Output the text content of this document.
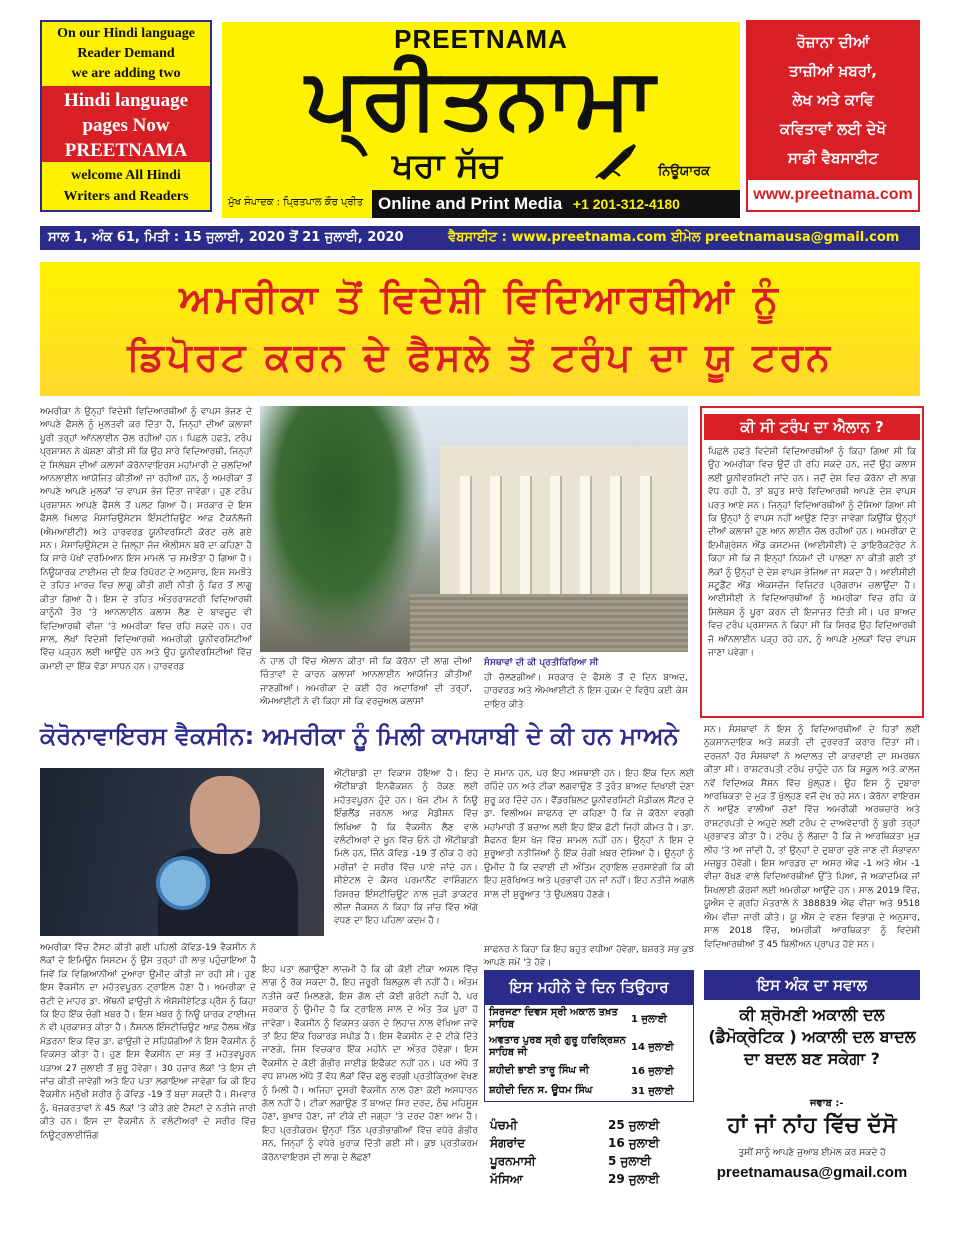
On our Hindi language
Reader Demand
we are adding two
Hindi language
pages Now
PREETNAMA
welcome All Hindi
Writers and Readers
PREETNAMA
ਪ੍ਰੀਤਨਾਮਾ
ਖਰਾ ਸੱਚ	ਨਿਊਯਾਰਕ
ਮੁੱਖ ਸੰਪਾਦਕ : ਪ੍ਰਿਤਪਾਲ ਕੌਰ ਪ੍ਰੀਤ Online and Print Media +1 201-312-4180
ਰੋਜ਼ਾਨਾ ਦੀਆਂ
ਤਾਜ਼ੀਆਂ ਖ਼ਬਰਾਂ,
ਲੇਖ ਅਤੇ ਕਾਵਿ
ਕਵਿਤਾਵਾਂ ਲਈ ਦੇਖੋ
ਸਾਡੀ ਵੈਬਸਾਈਟ
www.preetnama.com
ਸਾਲ 1, ਅੰਕ 61, ਮਿਤੀ : 15 ਜੁਲਾਈ, 2020 ਤੋਂ 21 ਜੁਲਾਈ, 2020	ਵੈਬਸਾਈਟ : www.preetnama.com ਈਮੇਲ preetnamausa@gmail.com
ਅਮਰੀਕਾ ਤੋਂ ਵਿਦੇਸ਼ੀ ਵਿਦਿਆਰਥੀਆਂ ਨੂੰ
ਡਿਪੋਰਟ ਕਰਨ ਦੇ ਫੈਸਲੇ ਤੋਂ ਟਰੰਪ ਦਾ ਯੂ ਟਰਨ
ਅਮਰੀਕਾ ਨੇ ਉਨ੍ਹਾਂ ਵਿਦੇਸ਼ੀ ਵਿਦਿਆਰਥੀਆਂ ਨੂੰ ਵਾਪਸ ਭੇਜਣ ਦੇ ਆਪਣੇ ਫੈਸਲੇ ਨੂੰ ਮੁਲਤਵੀ ਕਰ ਦਿੱਤਾ ਹੈ, ਜਿਨ੍ਹਾਂ ਦੀਆਂ ਕਲਾਸਾਂ ਪੂਰੀ ਤਰ੍ਹਾਂ ਆੱਨਲਾਈਨ ਚੱਲ ਰਹੀਆਂ ਹਨ। ਪਿਛਲੇ ਹਫਤੇ, ਟਰੰਪ ਪ੍ਰਸ਼ਾਸਨ ਨੇ ਘੋਸ਼ਣਾ ਕੀਤੀ ਸੀ ਕਿ ਉਹ ਸਾਰੇ ਵਿਦਿਆਰਥੀ, ਜਿਨ੍ਹਾਂ ਦੇ ਸਿਲੇਬਸ ਦੀਆਂ ਕਲਾਸਾਂ ਕੋਰੋਨਾਵਾਇਰਸ ਮਹਾਂਮਾਰੀ ਦੇ ਚਲਦਿਆਂ ਆਨਲਾਈਨ ਆਯੋਜਿਤ ਕੀਤੀਆਂ ਜਾ ਰਹੀਆਂ ਹਨ, ਨੂੰ ਅਮਰੀਕਾ ਤੋਂ ਆਪਣੇ ਆਪਣੇ ਮੁਲਕਾਂ 'ਚ ਵਾਪਸ ਭੇਜ ਦਿੱਤਾ ਜਾਵੇਗਾ। ਹੁਣ ਟਰੰਪ ਪ੍ਰਸ਼ਾਸਨ ਆਪਣੇ ਫੈਸਲੇ ਤੋਂ ਪਲਟ ਗਿਆ ਹੈ। ਸਰਕਾਰ ਦੇ ਇਸ ਫੈਸਲੇ ਖ਼ਿਲਾਫ਼ ਮੈਸਾਚਿਉਸੇਟਸ ਇੰਸਟੀਚਿਊਟ ਆਫ਼ ਟੈਕਨੋਲੋਜੀ (ਐਮਆਈਟੀ) ਅਤੇ ਹਾਰਵਰਡ ਯੂਨੀਵਰਸਿਟੀ ਕੋਰਟ ਚਲੇ ਗਏ ਸਨ। ਮੈਸਾਚਿਉਸੇਟਸ ਦੇ ਜ਼ਿਲ੍ਹਾ ਜੱਜ ਐਲੀਸਨ ਬਰੋ ਦਾ ਕਹਿਣਾ ਹੈ ਕਿ ਸਾਰੇ ਪੱਖਾਂ ਦਰਮਿਆਨ ਇਸ ਮਾਮਲੇ 'ਚ ਸਮਝੌਤਾ ਹੋ ਗਿਆ ਹੈ। ਨਿਊਯਾਰਕ ਟਾਈਮਜ਼ ਦੀ ਇਕ ਰਿਪੋਰਟ ਦੇ ਅਨੁਸਾਰ, ਇਸ ਸਮਝੌਤੇ ਦੇ ਤਹਿਤ ਮਾਰਚ ਵਿਚ ਲਾਗੂ ਕੀਤੀ ਗਈ ਨੀਤੀ ਨੂੰ ਫਿਰ ਤੋਂ ਲਾਗੂ ਕੀਤਾ ਗਿਆ ਹੈ। ਇਸ ਦੇ ਤਹਿਤ ਅੰਤਰਰਾਸ਼ਟਰੀ ਵਿਦਿਆਰਥੀ ਕਾਨੂੰਨੀ ਤੌਰ 'ਤੇ ਆਨਲਾਈਨ ਕਲਾਸ ਲੈਣ ਦੇ ਬਾਵਜੂਦ ਵੀ ਵਿਦਿਆਰਥੀ ਵੀਜ਼ਾ 'ਤੇ ਅਮਰੀਕਾ ਵਿਚ ਰਹਿ ਸਕਦੇ ਹਨ। ਹਰ ਸਾਲ, ਲੱਖਾਂ ਵਿਦੇਸ਼ੀ ਵਿਦਿਆਰਥੀ ਅਮਰੀਕੀ ਯੂਨੀਵਰਸਿਟੀਆਂ ਵਿੱਚ ਪੜ੍ਹਨ ਲਈ ਆਉਂਦੇ ਹਨ ਅਤੇ ਉਹ ਯੂਨੀਵਰਸਿਟੀਆਂ ਵਿੱਚ ਕਮਾਈ ਦਾ ਇੱਕ ਵੱਡਾ ਸਾਧਨ ਹਨ। ਹਾਰਵਰਡ	ਨੇ ਹਾਲ ਹੀ ਵਿੱਚ ਐਲਾਨ ਕੀਤਾ ਸੀ ਕਿ ਕੋਰੋਨਾ ਦੀ ਲਾਗ ਦੀਆਂ ਚਿੰਤਾਵਾਂ ਦੇ ਕਾਰਨ ਕਲਾਸਾਂ ਆਨਲਾਈਨ ਆਯੋਜਿਤ ਕੀਤੀਆਂ ਜਾਣਗੀਆਂ। ਅਮਰੀਕਾ ਦੇ ਕਈ ਹੋਰ ਅਦਾਰਿਆਂ ਦੀ ਤਰ੍ਹਾਂ, ਐਮਆਈਟੀ ਨੇ ਵੀ ਕਿਹਾ ਸੀ ਕਿ ਵਰਚੁਅਲ ਕਲਾਸਾਂ
ਸੰਸਥਾਵਾਂ ਦੀ ਕੀ ਪ੍ਰਤੀਕਿਰਿਆ ਸੀ
ਹੀ ਚੱਲਣਗੀਆਂ। ਸਰਕਾਰ ਦੇ ਫੈਸਲੇ ਤੋਂ ਦੋ ਦਿਨ ਬਾਅਦ, ਹਾਰਵਰਡ ਅਤੇ ਐਮਆਈਟੀ ਨੇ ਇਸ ਹੁਕਮ ਦੇ ਵਿਰੁੱਧ ਕਈ ਕੇਸ ਦਾਇਰ ਕੀਤੇ
ਕੀ ਸੀ ਟਰੰਪ ਦਾ ਐਲਾਨ ?
ਪਿਛਲੇ ਹਫਤੇ ਵਿਦੇਸ਼ੀ ਵਿਦਿਆਰਥੀਆਂ ਨੂੰ ਕਿਹਾ ਗਿਆ ਸੀ ਕਿ ਉਹ ਅਮਰੀਕਾ ਵਿਚ ਉਦੋਂ ਹੀ ਰਹਿ ਸਕਦੇ ਹਨ, ਜਦੋਂ ਉਹ ਕਲਾਸ ਲਈ ਯੂਨੀਵਰਸਿਟੀ ਜਾਂਦੇ ਹਨ। ਜਦੋਂ ਦੇਸ਼ ਵਿਚ ਕੋਰੋਨਾ ਦੀ ਲਾਗ ਵੱਧ ਰਹੀ ਹੈ, ਤਾਂ ਬਹੁਤ ਸਾਰੇ ਵਿਦਿਆਰਥੀ ਆਪਣੇ ਦੇਸ਼ ਵਾਪਸ ਪਰਤ ਆਏ ਸਨ। ਜਿਨ੍ਹਾਂ ਵਿਦਿਆਰਥੀਆਂ ਨੂੰ ਦੱਸਿਆ ਗਿਆ ਸੀ ਕਿ ਉਨ੍ਹਾਂ ਨੂੰ ਵਾਪਸ ਨਹੀਂ ਆਉਣ ਦਿੱਤਾ ਜਾਵੇਗਾ ਕਿਉਂਕਿ ਉਨ੍ਹਾਂ ਦੀਆਂ ਕਲਾਸਾਂ ਹੁਣ ਆਨ ਲਾਈਨ ਚੱਲ ਰਹੀਆਂ ਹਨ। ਅਮਰੀਕਾ ਦੇ ਇਮੀਗ੍ਰੇਸ਼ਨ ਐਂਡ ਕਸਟਮਜ਼ (ਆਈਸੀਈ) ਦੇ ਡਾਇਰੈਕਟੋਰੇਟ ਨੇ ਕਿਹਾ ਸੀ ਕਿ ਜੋ ਇਨ੍ਹਾਂ ਨਿਯਮਾਂ ਦੀ ਪਾਲਣਾ ਨਾ ਕੀਤੀ ਗਈ ਤਾਂ ਲੋਕਾਂ ਨੂੰ ਉਨ੍ਹਾਂ ਦੇ ਦੇਸ਼ ਵਾਪਸ ਭੇਜਿਆ ਜਾ ਸਕਦਾ ਹੈ। ਆਈਸੀਈ ਸਟੂਡੈਂਟ ਐਂਡ ਐਕਸਚੇਂਜ ਵਿਜ਼ਿਟਰ ਪ੍ਰੋਗਰਾਮ ਚਲਾਉਂਦਾ ਹੈ। ਆਈਸੀਈ ਨੇ ਵਿਦਿਆਰਥੀਆਂ ਨੂੰ ਅਮਰੀਕਾ ਵਿਚ ਰਹਿ ਕੇ ਸਿਲੇਬਸ ਨੂੰ ਪੂਰਾ ਕਰਨ ਦੀ ਇਜਾਜ਼ਤ ਦਿੱਤੀ ਸੀ। ਪਰ ਬਾਅਦ ਵਿਚ ਟਰੰਪ ਪ੍ਰਸ਼ਾਸਨ ਨੇ ਕਿਹਾ ਸੀ ਕਿ ਸਿਰਫ ਉਹ ਵਿਦਿਆਰਥੀ ਜੋ ਆੱਨਲਾਈਨ ਪੜ੍ਹ ਰਹੇ ਹਨ, ਨੂੰ ਆਪਣੇ ਮੁਲਕਾਂ ਵਿਚ ਵਾਪਸ ਜਾਣਾ ਪਵੇਗਾ।
ਸਨ। ਸੰਸਥਾਵਾਂ ਨੇ ਇਸ ਨੂੰ ਵਿਦਿਆਰਥੀਆਂ ਦੇ ਹਿਤਾਂ ਲਈ ਨੁਕਸਾਨਦਾਇਕ ਅਤੇ ਸ਼ਕਤੀ ਦੀ ਦੁਰਵਰਤੋਂ ਕਰਾਰ ਦਿੱਤਾ ਸੀ। ਦਰਜਨਾਂ ਹੋਰ ਸੰਸਥਾਵਾਂ ਨੇ ਅਦਾਲਤ ਦੀ ਕਾਰਵਾਈ ਦਾ ਸਮਰਥਨ ਕੀਤਾ ਸੀ। ਰਾਸ਼ਟਰਪਤੀ ਟਰੰਪ ਚਾਹੁੰਦੇ ਹਨ ਕਿ ਸਕੂਲ ਅਤੇ ਕਾਲਜ ਨਵੇਂ ਵਿਦਿਅਕ ਸੈਸ਼ਨ ਵਿੱਚ ਖੁੱਲ੍ਹਣ। ਉਹ ਇਸ ਨੂੰ ਦੁਬਾਰਾ ਆਰਥਿਕਤਾ ਦੇ ਮੁੜ ਤੋਂ ਖੁੱਲ੍ਹਣ ਵਜੋਂ ਦੇਖ ਰਹੇ ਸਨ। ਕੋਰੋਨਾ ਵਾਇਰਸ ਨੇ ਆਉਣ ਵਾਲੀਆਂ ਚੋਣਾਂ ਵਿੱਚ ਅਮਰੀਕੀ ਅਰਥਚਾਰੇ ਅਤੇ ਰਾਸ਼ਟਰਪਤੀ ਦੇ ਅਹੁਦੇ ਲਈ ਟਰੰਪ ਦੇ ਦਾਅਵੇਦਾਰੀ ਨੂੰ ਬੁਰੀ ਤਰ੍ਹਾਂ ਪ੍ਰਭਾਵਤ ਕੀਤਾ ਹੈ। ਟਰੰਪ ਨੂੰ ਲੱਗਦਾ ਹੈ ਕਿ ਜੇ ਆਰਥਿਕਤਾ ਮੁੜ ਲੀਹ 'ਤੇ ਆ ਜਾਂਦੀ ਹੈ, ਤਾਂ ਉਨ੍ਹਾਂ ਦੇ ਦੁਬਾਰਾ ਚੁਣੇ ਜਾਣ ਦੀ ਸੰਭਾਵਨਾ ਮਜ਼ਬੂਤ ਹੋਵੇਗੀ। ਇਸ ਆਰਡਰ ਦਾ ਅਸਰ ਐਫ -1 ਅਤੇ ਐਮ -1 ਵੀਜ਼ਾ ਰੱਖਣ ਵਾਲੇ ਵਿਦਿਆਰਥੀਆਂ ਉੱਤੇ ਪਿਆ, ਜੋ ਅਕਾਦਮਿਕ ਜਾਂ ਸਿਖਲਾਈ ਕੋਰਸਾਂ ਲਈ ਅਮਰੀਕਾ ਆਉਂਦੇ ਹਨ। ਸਾਲ 2019 ਵਿੱਚ, ਯੂਐਸ ਦੇ ਗ੍ਰਹਿ ਮੰਤਰਾਲੇ ਨੇ 388839 ਐਫ ਵੀਜ਼ਾ ਅਤੇ 9518 ਐਮ ਵੀਜ਼ਾ ਜਾਰੀ ਕੀਤੇ। ਯੂ ਐੱਸ ਦੇ ਵਣਜ ਵਿਭਾਗ ਦੇ ਅਨੁਸਾਰ, ਸਾਲ 2018 ਵਿੱਚ, ਅਮਰੀਕੀ ਆਰਥਿਕਤਾ ਨੂੰ ਵਿਦੇਸ਼ੀ ਵਿਦਿਆਰਥੀਆਂ ਤੋਂ 45 ਬਿਲੀਅਨ ਪ੍ਰਾਪਤ ਹੋਏ ਸਨ।
ਕੋਰੋਨਾਵਾਇਰਸ ਵੈਕਸੀਨ: ਅਮਰੀਕਾ ਨੂੰ ਮਿਲੀ ਕਾਮਯਾਬੀ ਦੇ ਕੀ ਹਨ ਮਾਅਨੇ
ਐਂਟੀਬਾਡੀ ਦਾ ਵਿਕਾਸ ਹੋਇਆ ਹੈ। ਇਹ ਐਂਟੀਬਾਡੀ ਇਨਫੈਕਸ਼ਨ ਨੂੰ ਰੋਕਣ ਲਈ ਮਹੱਤਵਪੂਰਨ ਹੁੰਦੇ ਹਨ। ਖੋਜ ਟੀਮ ਨੇ ਨਿਊ ਇੰਗਲੈਂਡ ਜਰਨਲ ਆਫ਼ ਮੈਡੀਸਨ ਵਿੱਚ ਲਿਖਿਆ ਹੈ ਕਿ ਵੈਕਸੀਨ ਲੈਣ ਵਾਲੇ ਵਲੰਟੀਅਰਾਂ ਦੇ ਖੂਨ ਵਿੱਚ ਓਨੇ ਹੀ ਐਂਟੀਬਾਡੀ ਮਿਲੇ ਹਨ, ਜਿੰਨੇ ਕੋਵਿਡ -19 ਤੋਂ ਠੀਕ ਹੋ ਰਹੇ ਮਰੀਜ਼ਾਂ ਦੇ ਸਰੀਰ ਵਿੱਚ ਪਾਏ ਜਾਂਦੇ ਹਨ। ਸੀਏਟਲ ਦੇ ਕੈਸਰ ਪਰਮਾਨੈਂਟ ਵਾਸ਼ਿੰਗਟਨ ਰਿਸਰਚ ਇੰਸਟੀਚਿਊਟ ਨਾਲ ਜੁੜੀ ਡਾਕਟਰ ਲੀਜ਼ਾ ਜੈਕਸਨ ਨੇ ਕਿਹਾ ਕਿ ਜਾਂਚ ਵਿੱਚ ਅੱਗੇ ਵਧਣ ਦਾ ਇਹ ਪਹਿਲਾ ਕਦਮ ਹੈ।
ਦੇ ਸਮਾਨ ਹਨ, ਪਰ ਇਹ ਅਸਥਾਈ ਹਨ। ਇਹ ਇੱਕ ਦਿਨ ਲਈ ਰਹਿੰਦੇ ਹਨ ਅਤੇ ਟੀਕਾ ਲਗਵਾਉਣ ਤੋਂ ਤੁਰੰਤ ਬਾਅਦ ਦਿਖਾਈ ਦੇਣਾ ਸ਼ੁਰੂ ਕਰ ਦਿੰਦੇ ਹਨ। ਵੈਂਡਰਬਿਲਟ ਯੂਨੀਵਰਸਿਟੀ ਮੈਡੀਕਲ ਸੈਂਟਰ ਦੇ ਡਾ. ਵਿਲੀਅਮ ਸ਼ਾਫਨਰ ਦਾ ਕਹਿਣਾ ਹੈ ਕਿ ਜੇ ਕੋਰੋਨਾ ਵਰਗੀ ਮਹਾਂਮਾਰੀ ਤੋਂ ਬਚਾਅ ਲਈ ਇਹ ਇੱਕ ਛੋਟੀ ਜਿਹੀ ਕੀਮਤ ਹੈ। ਡਾ. ਸ਼ੈਫਨਰ ਇਸ ਖੋਜ ਵਿੱਚ ਸ਼ਾਮਲ ਨਹੀਂ ਹਨ। ਉਨ੍ਹਾਂ ਨੇ ਇਸ ਦੇ ਸ਼ੁਰੂਆਤੀ ਨਤੀਜਿਆਂ ਨੂੰ ਇੱਕ ਚੰਗੀ ਖ਼ਬਰ ਦੱਸਿਆ ਹੈ। ਉਨ੍ਹਾਂ ਨੂੰ ਉਮੀਦ ਹੈ ਕਿ ਦਵਾਈ ਦੀ ਅੰਤਿਮ ਟ੍ਰਾਇਲ ਦਰਸਾਏਗੀ ਕਿ ਕੀ ਇਹ ਸੁਰੱਖਿਅਤ ਅਤੇ ਪ੍ਰਭਾਵੀ ਹਨ ਜਾਂ ਨਹੀਂ। ਇਹ ਨਤੀਜੇ ਅਗਲੇ ਸਾਲ ਦੀ ਸ਼ੁਰੂਆਤ 'ਤੇ ਉਪਲਬਧ ਹੋਣਗੇ।
ਸ਼ਾਫਨਰ ਨੇ ਕਿਹਾ ਕਿ ਇਹ ਬਹੁਤ ਵਧੀਆ ਹੋਵੇਗਾ, ਬਸ਼ਰਤੇ ਸਭ ਕੁਝ ਆਪਣੇ ਸਮੇਂ 'ਤੇ ਹੋਵੇ।
ਅਮਰੀਕਾ ਵਿੱਚ ਟੈਸਟ ਕੀਤੀ ਗਈ ਪਹਿਲੀ ਕੋਵਿਡ-19 ਵੈਕਸੀਨ ਨੇ ਲੋਕਾਂ ਦੇ ਇਮਿਊਨ ਸਿਸਟਮ ਨੂੰ ਉਸ ਤਰ੍ਹਾਂ ਹੀ ਲਾਭ ਪਹੁੰਚਾਇਆ ਹੈ ਜਿਵੇਂ ਕਿ ਵਿਗਿਆਨੀਆਂ ਦੁਆਰਾ ਉਮੀਦ ਕੀਤੀ ਜਾ ਰਹੀ ਸੀ। ਹੁਣ ਇਸ ਵੈਕਸੀਨ ਦਾ ਮਹੱਤਵਪੂਰਨ ਟ੍ਰਾਇਲ ਹੋਣਾ ਹੈ। ਅਮਰੀਕਾ ਦੇ ਚੋਟੀ ਦੇ ਮਾਹਰ ਡਾ. ਐਂਥਨੀ ਫਾਉਚੀ ਨੇ ਐਸੋਸੀਏਟਿਡ ਪ੍ਰੈਸ ਨੂੰ ਕਿਹਾ ਕਿ ਇਹ ਇੱਕ ਚੰਗੀ ਖ਼ਬਰ ਹੈ। ਇਸ ਖ਼ਬਰ ਨੂੰ ਨਿਊ ਯਾਰਕ ਟਾਈਮਜ਼ ਨੇ ਵੀ ਪ੍ਰਕਾਸ਼ਤ ਕੀਤਾ ਹੈ। ਨੈਸ਼ਨਲ ਇੰਸਟੀਚਿਊਟ ਆਫ਼ ਹੈਲਥ ਐਂਡ ਮੋਡਰਨਾ ਇਕ ਵਿੱਚ ਡਾ. ਫਾਉਚੀ ਦੇ ਸਹਿਯੋਗੀਆਂ ਨੇ ਇਸ ਵੈਕਸੀਨ ਨੂੰ ਵਿਕਸਤ ਕੀਤਾ ਹੈ। ਹੁਣ ਇਸ ਵੈਕਸੀਨ ਦਾ ਸਭ ਤੋਂ ਮਹੱਤਵਪੂਰਨ ਪੜਾਅ 27 ਜੁਲਾਈ ਤੋਂ ਸ਼ੁਰੂ ਹੋਵੇਗਾ। 30 ਹਜ਼ਾਰ ਲੋਕਾਂ 'ਤੇ ਇਸ ਦੀ ਜਾਂਚ ਕੀਤੀ ਜਾਵੇਗੀ ਅਤੇ ਇਹ ਪਤਾ ਲਗਾਇਆ ਜਾਵੇਗਾ ਕਿ ਕੀ ਇਹ ਵੈਕਸੀਨ ਮਨੁੱਖੀ ਸਰੀਰ ਨੂੰ ਕੋਵਿਡ -19 ਤੋਂ ਬਚਾ ਸਕਦੀ ਹੈ। ਸੋਮਵਾਰ ਨੂੰ, ਖੋਜਕਰਤਾਵਾਂ ਨੇ 45 ਲੋਕਾਂ 'ਤੇ ਕੀਤੇ ਗਏ ਟੈਸਟਾਂ ਦੇ ਨਤੀਜੇ ਜਾਰੀ ਕੀਤੇ ਹਨ। ਇਸ ਦਾ ਵੈਕਸੀਨ ਨੇ ਵਲੰਟੀਅਰਾਂ ਦੇ ਸਰੀਰ ਵਿੱਚ ਨਿਊਟ੍ਰਲਾਈਜ਼ਿੰਗ
ਇਹ ਪਤਾ ਲਗਾਉਣਾ ਲਾਜ਼ਮੀ ਹੈ ਕਿ ਕੀ ਕੋਈ ਟੀਕਾ ਅਸਲ ਵਿੱਚ ਲਾਗ ਨੂੰ ਰੋਕ ਸਕਦਾ ਹੈ, ਇਹ ਜ਼ਰੂਰੀ ਬਿਲਕੁਲ ਵੀ ਨਹੀਂ ਹੈ। ਅੰਤਮ ਨਤੀਜੇ ਕਦੋਂ ਮਿਲਣਗੇ, ਇਸ ਗੱਲ ਦੀ ਕੋਈ ਗਰੰਟੀ ਨਹੀਂ ਹੈ, ਪਰ ਸਰਕਾਰ ਨੂੰ ਉਮੀਦ ਹੈ ਕਿ ਟ੍ਰਾਇਲ ਸਾਲ ਦੇ ਅੰਤ ਤੱਕ ਪੂਰਾ ਹੋ ਜਾਵੇਗਾ। ਵੈਕਸੀਨ ਨੂੰ ਵਿਕਸਤ ਕਰਨ ਦੇ ਲਿਹਾਜ਼ ਨਾਲ ਵੇਖਿਆ ਜਾਵੇ ਤਾਂ ਇਹ ਇੱਕ ਰਿਕਾਰਡ ਸਪੀਡ ਹੈ। ਇਸ ਵੈਕਸੀਨ ਦੇ ਦੋ ਟੀਕੇ ਦਿੱਤੇ ਜਾਣਗੇ, ਜਿਸ ਵਿਚਕਾਰ ਇੱਕ ਮਹੀਨੇ ਦਾ ਅੰਤਰ ਹੋਵੇਗਾ। ਇਸ ਵੈਕਸੀਨ ਦੇ ਕੋਈ ਗੰਭੀਰ ਸਾਈਡ ਇਫੈਕਟ ਨਹੀਂ ਹਨ। ਪਰ ਅੱਧੇ ਤੋਂ ਵਧ ਸ਼ਾਮਲ ਅੱਧੇ ਤੋਂ ਵੱਧ ਲੋਕਾਂ ਵਿੱਚ ਫਲੂ ਵਰਗੀ ਪ੍ਰਤੀਕ੍ਰਿਆ ਵੇਖਣ ਨੂੰ ਮਿਲੀ ਹੈ। ਅਜਿਹਾ ਦੂਸਰੀ ਵੈਕਸੀਨ ਨਾਲ ਹੋਣਾ ਕੋਈ ਅਸਧਾਰਨ ਗੱਲ ਨਹੀਂ ਹੈ। ਟੀਕਾ ਲਗਾਉਣ ਤੋਂ ਬਾਅਦ ਸਿਰ ਦਰਦ, ਠੰਢ ਮਹਿਸੂਸ ਹੋਣਾ, ਬੁਖ਼ਾਰ ਹੋਣਾ, ਜਾਂ ਟੀਕੇ ਦੀ ਜਗ੍ਹਾ 'ਤੇ ਦਰਦ ਹੋਣਾ ਆਮ ਹੈ। ਇਹ ਪ੍ਰਤੀਕਰਮ ਉਨ੍ਹਾਂ ਤਿੰਨ ਪ੍ਰਤੀਭਾਗੀਆਂ ਵਿੱਚ ਵਧੇਰੇ ਗੰਭੀਰ ਸਨ, ਜਿਨ੍ਹਾਂ ਨੂੰ ਵਧੇਰੇ ਖੁਰਾਕ ਦਿੱਤੀ ਗਈ ਸੀ। ਕੁਝ ਪ੍ਰਤੀਕਰਮ ਕੋਰੋਨਾਵਾਇਰਸ ਦੀ ਲਾਗ ਦੇ ਲੱਛਣਾਂ
ਇਸ ਮਹੀਨੇ ਦੇ ਦਿਨ ਤਿਉਹਾਰ
ਸਿਰਜਣਾ ਦਿਵਸ ਸ੍ਰੀ ਅਕਾਲ ਤਖ਼ਤ ਸਾਹਿਬ	1 ਜੁਲਾਈ
ਅਵਤਾਰ ਪੁਰਬ ਸ੍ਰੀ ਗੁਰੂ ਹਰਿਕ੍ਰਿਸ਼ਨ ਸਾਹਿਬ ਜੀ	14 ਜੁਲਾਈ
ਸ਼ਹੀਦੀ ਭਾਈ ਤਾਰੂ ਸਿੰਘ ਜੀ	16 ਜੁਲਾਈ
ਸ਼ਹੀਦੀ ਦਿਨ ਸ. ਊਧਮ ਸਿੰਘ	31 ਜੁਲਾਈ
ਪੰਚਮੀ	25 ਜੁਲਾਈ
ਸੰਗਰਾਂਦ	16 ਜੁਲਾਈ
ਪੂਰਨਮਾਸੀ	5 ਜੁਲਾਈ
ਮੱਸਿਆ	29 ਜੁਲਾਈ
ਇਸ ਅੰਕ ਦਾ ਸਵਾਲ
ਕੀ ਸ਼੍ਰੋਮਣੀ ਅਕਾਲੀ ਦਲ (ਡੈਮੋਕ੍ਰੇਟਿਕ ) ਅਕਾਲੀ ਦਲ ਬਾਦਲ ਦਾ ਬਦਲ ਬਣ ਸਕੇਗਾ ?
ਜਵਾਬ :-
ਹਾਂ ਜਾਂ ਨਾਂਹ ਵਿੱਚ ਦੱਸੋ
ਤੁਸੀਂ ਸਾਨੂੰ ਆਪਣੇ ਜੁਆਬ ਈਮੇਲ ਕਰ ਸਕਦੇ ਹੋ
preetnamausa@gmail.com
